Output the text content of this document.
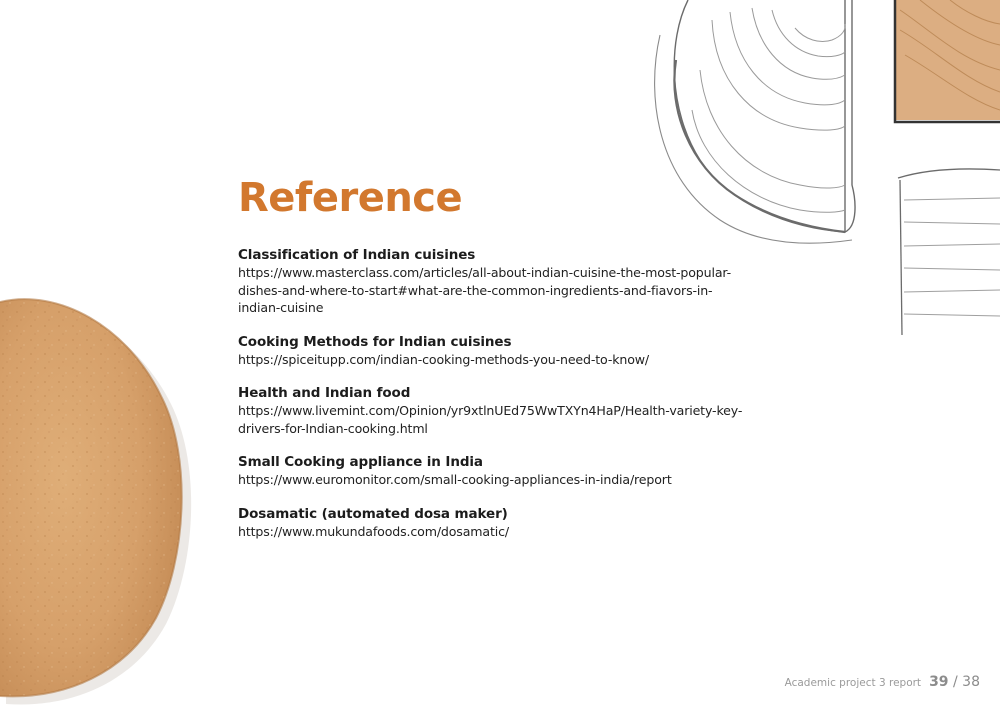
Reference
Classification of Indian cuisines
https://www.masterclass.com/articles/all-about-indian-cuisine-the-most-popular-
dishes-and-where-to-start#what-are-the-common-ingredients-and-fiavors-in-
indian-cuisine
Cooking Methods for Indian cuisines
https://spiceitupp.com/indian-cooking-methods-you-need-to-know/
Health and Indian food
https://www.livemint.com/Opinion/yr9xtlnUEd75WwTXYn4HaP/Health-variety-key-
drivers-for-Indian-cooking.html
Small Cooking appliance in India
https://www.euromonitor.com/small-cooking-appliances-in-india/report
Dosamatic (automated dosa maker)
https://www.mukundafoods.com/dosamatic/
Academic project 3 report 39 / 38
